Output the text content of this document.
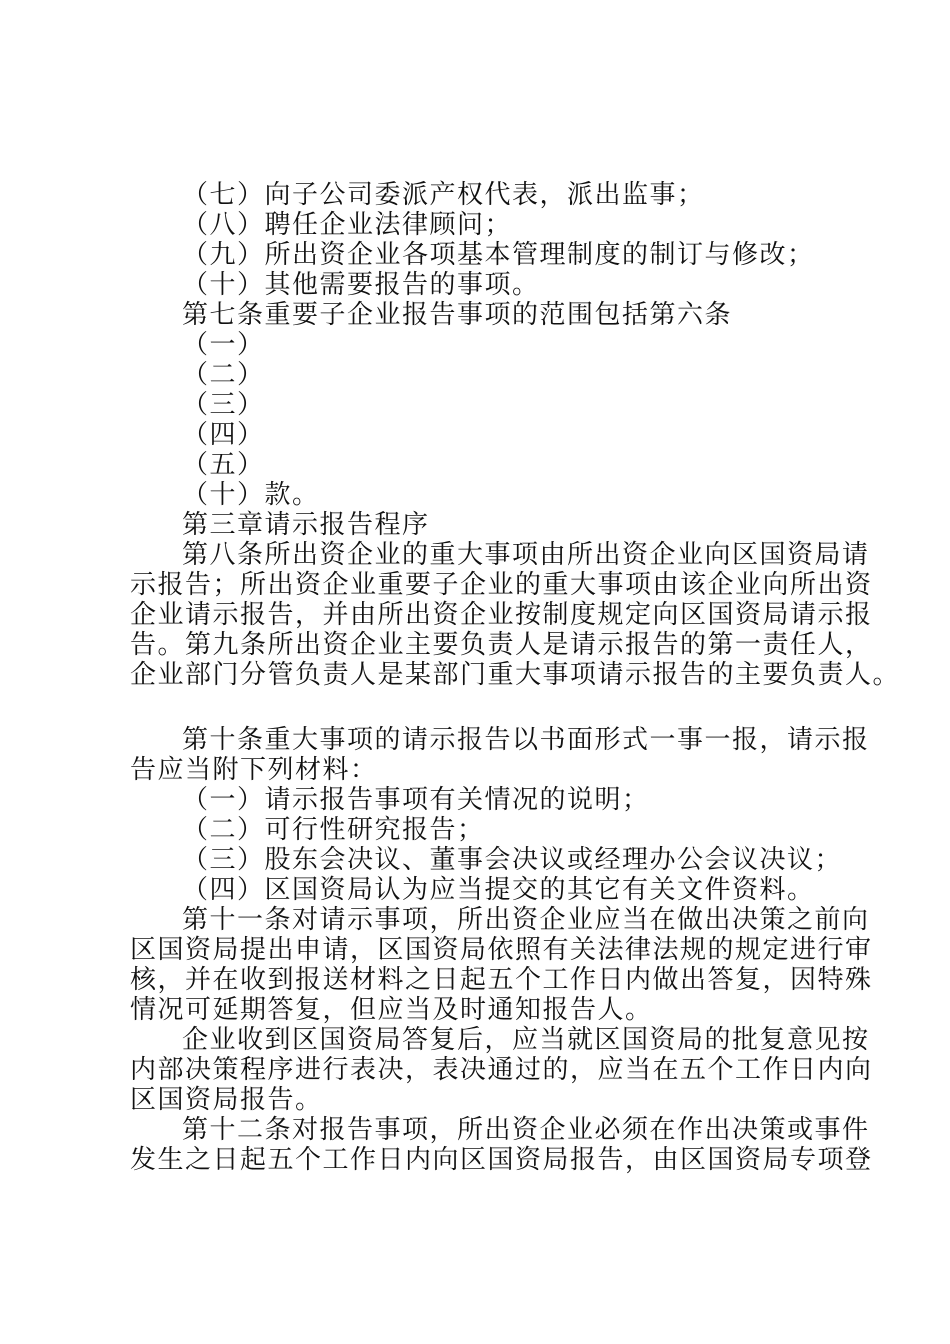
（七）向子公司委派产权代表，派出监事；
（八）聘任企业法律顾问；
（九）所出资企业各项基本管理制度的制订与修改；
（十）其他需要报告的事项。
第七条重要子企业报告事项的范围包括第六条
（一）
（二）
（三）
（四）
（五）
（十）款。
第三章请示报告程序
第八条所出资企业的重大事项由所出资企业向区国资局请
示报告；所出资企业重要子企业的重大事项由该企业向所出资
企业请示报告，并由所出资企业按制度规定向区国资局请示报
告。第九条所出资企业主要负责人是请示报告的第一责任人，
企业部门分管负责人是某部门重大事项请示报告的主要负责人。
第十条重大事项的请示报告以书面形式一事一报，请示报
告应当附下列材料：
（一）请示报告事项有关情况的说明；
（二）可行性研究报告；
（三）股东会决议、董事会决议或经理办公会议决议；
（四）区国资局认为应当提交的其它有关文件资料。
第十一条对请示事项，所出资企业应当在做出决策之前向
区国资局提出申请，区国资局依照有关法律法规的规定进行审
核，并在收到报送材料之日起五个工作日内做出答复，因特殊
情况可延期答复，但应当及时通知报告人。
企业收到区国资局答复后，应当就区国资局的批复意见按
内部决策程序进行表决，表决通过的，应当在五个工作日内向
区国资局报告。
第十二条对报告事项，所出资企业必须在作出决策或事件
发生之日起五个工作日内向区国资局报告，由区国资局专项登
